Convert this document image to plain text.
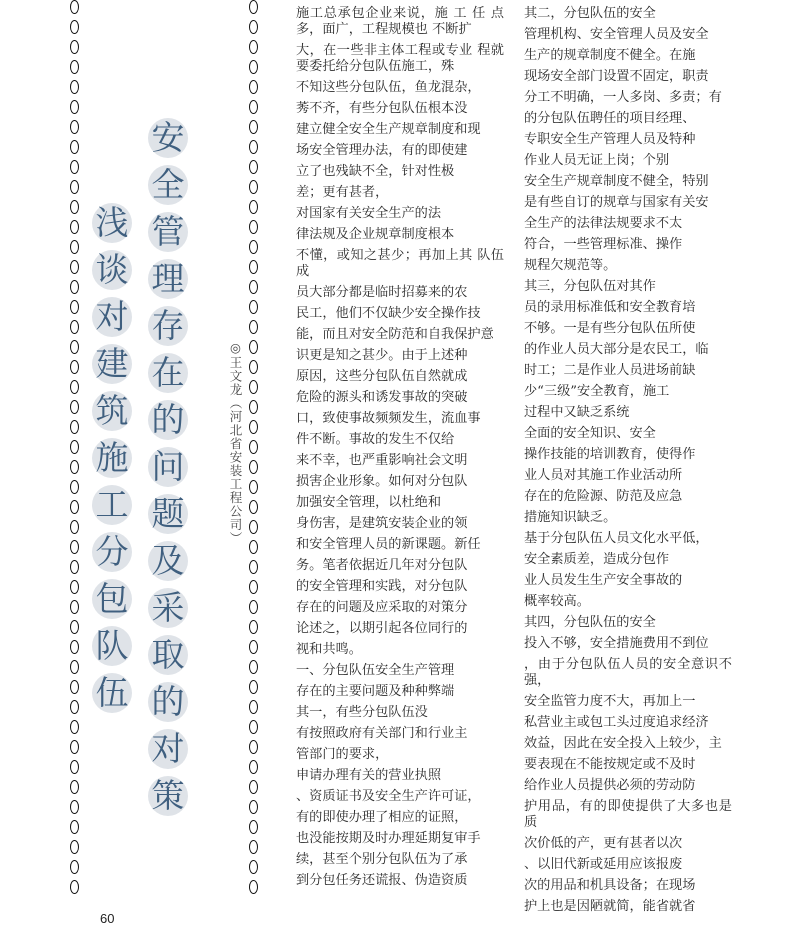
安
全
管
理
存
在
的
问
题
及
采
取
的
对
策
浅
谈
对
建
筑
施
工
分
包
队
伍
◎王文龙（河北省安装工程公司）

施工总承包企业来说，施 工 任 点多，面广，工程规模也 不断扩

大，在一些非主体工程或专业 程就要委托给分包队伍施工，殊

不知这些分包队伍，鱼龙混杂，

莠不齐，有些分包队伍根本没

建立健全安全生产规章制度和现

场安全管理办法，有的即使建

立了也残缺不全，针对性极

差；更有甚者，

对国家有关安全生产的法

律法规及企业规章制度根本

不懂，或知之甚少；再加上其 队伍成

员大部分都是临时招募来的农

民工，他们不仅缺少安全操作技

能，而且对安全防范和自我保护意

识更是知之甚少。由于上述种

原因，这些分包队伍自然就成

危险的源头和诱发事故的突破

口，致使事故频频发生，流血事

件不断。事故的发生不仅给

来不幸，也严重影响社会文明

损害企业形象。如何对分包队

加强安全管理，以杜绝和

身伤害，是建筑安装企业的领

和安全管理人员的新课题。新任

务。笔者依据近几年对分包队

的安全管理和实践，对分包队

存在的问题及应采取的对策分

论述之，以期引起各位同行的

视和共鸣。

一、分包队伍安全生产管理

存在的主要问题及种种弊端

其一，有些分包队伍没

有按照政府有关部门和行业主

管部门的要求，

申请办理有关的营业执照

、资质证书及安全生产许可证，

有的即使办理了相应的证照，

也没能按期及时办理延期复审手

续，甚至个别分包队伍为了承

到分包任务还谎报、伪造资质

其二，分包队伍的安全

管理机构、安全管理人员及安全

生产的规章制度不健全。在施

现场安全部门设置不固定，职责

分工不明确，一人多岗、多责；有

的分包队伍聘任的项目经理、

专职安全生产管理人员及特种

作业人员无证上岗；个别

安全生产规章制度不健全，特别

是有些自订的规章与国家有关安

全生产的法律法规要求不太

符合，一些管理标准、操作

规程欠规范等。

其三，分包队伍对其作

员的录用标准低和安全教育培

不够。一是有些分包队伍所使

的作业人员大部分是农民工，临

时工；二是作业人员进场前缺

少“三级”安全教育，施工

过程中又缺乏系统

全面的安全知识、安全

操作技能的培训教育，使得作

业人员对其施工作业活动所

存在的危险源、防范及应急

措施知识缺乏。

基于分包队伍人员文化水平低，

安全素质差，造成分包作

业人员发生生产安全事故的

概率较高。

其四，分包队伍的安全

投入不够，安全措施费用不到位

，由于分包队伍人员的安全意识不强，

安全监管力度不大，再加上一

私营业主或包工头过度追求经济

效益，因此在安全投入上较少，主

要表现在不能按规定或不及时

给作业人员提供必须的劳动防

护用品，有的即使提供了大多也是质

次价低的产，更有甚者以次

、以旧代新或延用应该报废

次的用品和机具设备；在现场

护上也是因陋就简，能省就省

60
